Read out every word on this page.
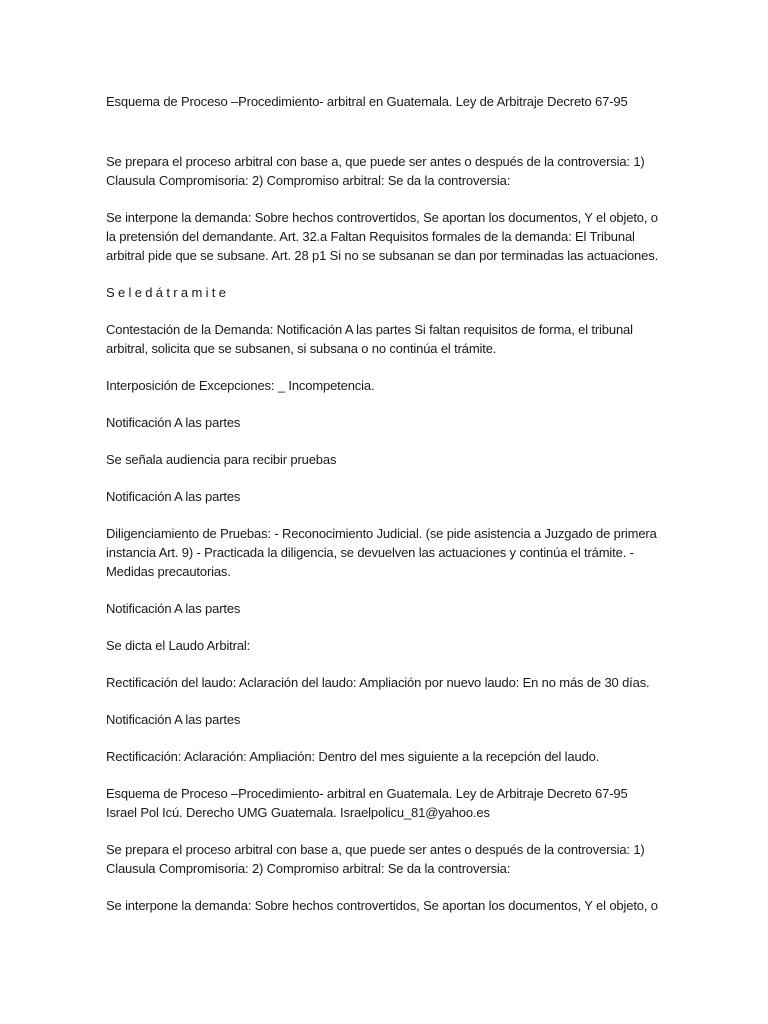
Esquema de Proceso –Procedimiento- arbitral en Guatemala. Ley de Arbitraje Decreto 67-95

Se prepara el proceso arbitral con base a, que puede ser antes o después de la controversia: 1)
Clausula Compromisoria: 2) Compromiso arbitral: Se da la controversia:

Se interpone la demanda: Sobre hechos controvertidos, Se aportan los documentos, Y el objeto, o
la pretensión del demandante. Art. 32.a Faltan Requisitos formales de la demanda: El Tribunal
arbitral pide que se subsane. Art. 28 p1 Si no se subsanan se dan por terminadas las actuaciones.

S e l e d á t r a m i t e

Contestación de la Demanda: Notificación A las partes Si faltan requisitos de forma, el tribunal
arbitral, solicita que se subsanen, si subsana o no continúa el trámite.

Interposición de Excepciones: _ Incompetencia.

Notificación A las partes

Se señala audiencia para recibir pruebas

Notificación A las partes

Diligenciamiento de Pruebas: - Reconocimiento Judicial. (se pide asistencia a Juzgado de primera
instancia Art. 9) - Practicada la diligencia, se devuelven las actuaciones y continúa el trámite. -
Medidas precautorias.

Notificación A las partes

Se dicta el Laudo Arbitral:

Rectificación del laudo: Aclaración del laudo: Ampliación por nuevo laudo: En no más de 30 días.

Notificación A las partes

Rectificación: Aclaración: Ampliación: Dentro del mes siguiente a la recepción del laudo.

Esquema de Proceso –Procedimiento- arbitral en Guatemala. Ley de Arbitraje Decreto 67-95
Israel Pol Icú. Derecho UMG Guatemala. Israelpolicu_81@yahoo.es

Se prepara el proceso arbitral con base a, que puede ser antes o después de la controversia: 1)
Clausula Compromisoria: 2) Compromiso arbitral: Se da la controversia:

Se interpone la demanda: Sobre hechos controvertidos, Se aportan los documentos, Y el objeto, o
